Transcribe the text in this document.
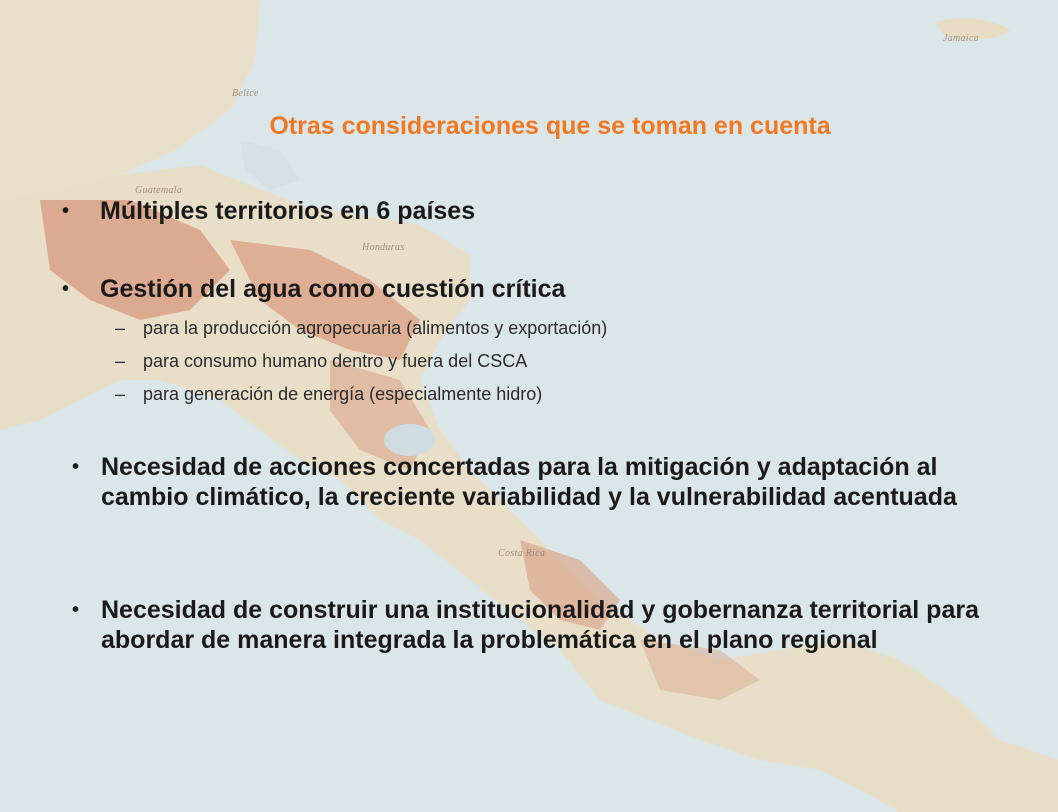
Jamaica
Belice
Guatemala
Honduras
Costa Rica
Otras consideraciones que se toman en cuenta
•	Múltiples territorios en 6 países
•	Gestión del agua como cuestión crítica
– para la producción agropecuaria (alimentos y exportación)
– para consumo humano dentro y fuera del CSCA
– para generación de energía (especialmente hidro)
• Necesidad de acciones concertadas para la mitigación y adaptación al cambio climático, la creciente variabilidad y la vulnerabilidad acentuada
• Necesidad de construir una institucionalidad y gobernanza territorial para abordar de manera integrada la problemática en el plano regional
